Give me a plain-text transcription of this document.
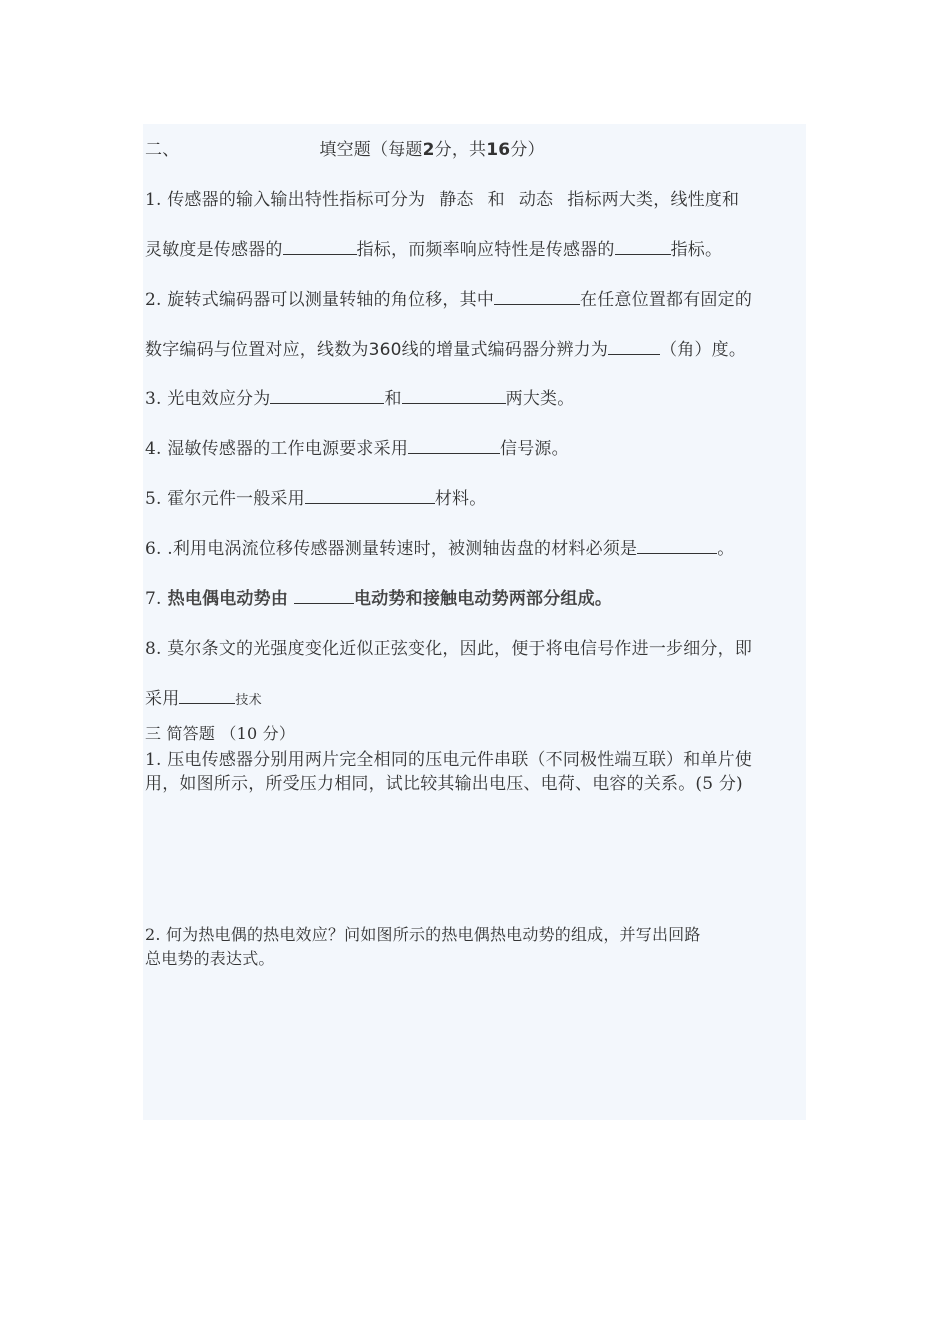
二、	填空题（每题2分，共16分）
1. 传感器的输入输出特性指标可分为 静态 和 动态 指标两大类，线性度和
灵敏度是传感器的	指标，而频率响应特性是传感器的	指标。
2. 旋转式编码器可以测量转轴的角位移，其中	在任意位置都有固定的
数字编码与位置对应，线数为360线的增量式编码器分辨力为	（角）度。
3. 光电效应分为	和	两大类。
4. 湿敏传感器的工作电源要求采用	信号源。
5. 霍尔元件一般采用	材料。
6. .利用电涡流位移传感器测量转速时，被测轴齿盘的材料必须是	。
7. 热电偶电动势由	电动势和接触电动势两部分组成。
8. 莫尔条文的光强度变化近似正弦变化，因此，便于将电信号作进一步细分，即
采用	技术
三 简答题 （10 分）
1. 压电传感器分别用两片完全相同的压电元件串联（不同极性端互联）和单片使
用，如图所示，所受压力相同，试比较其输出电压、电荷、电容的关系。(5 分)
2. 何为热电偶的热电效应？问如图所示的热电偶热电动势的组成，并写出回路
总电势的表达式。
